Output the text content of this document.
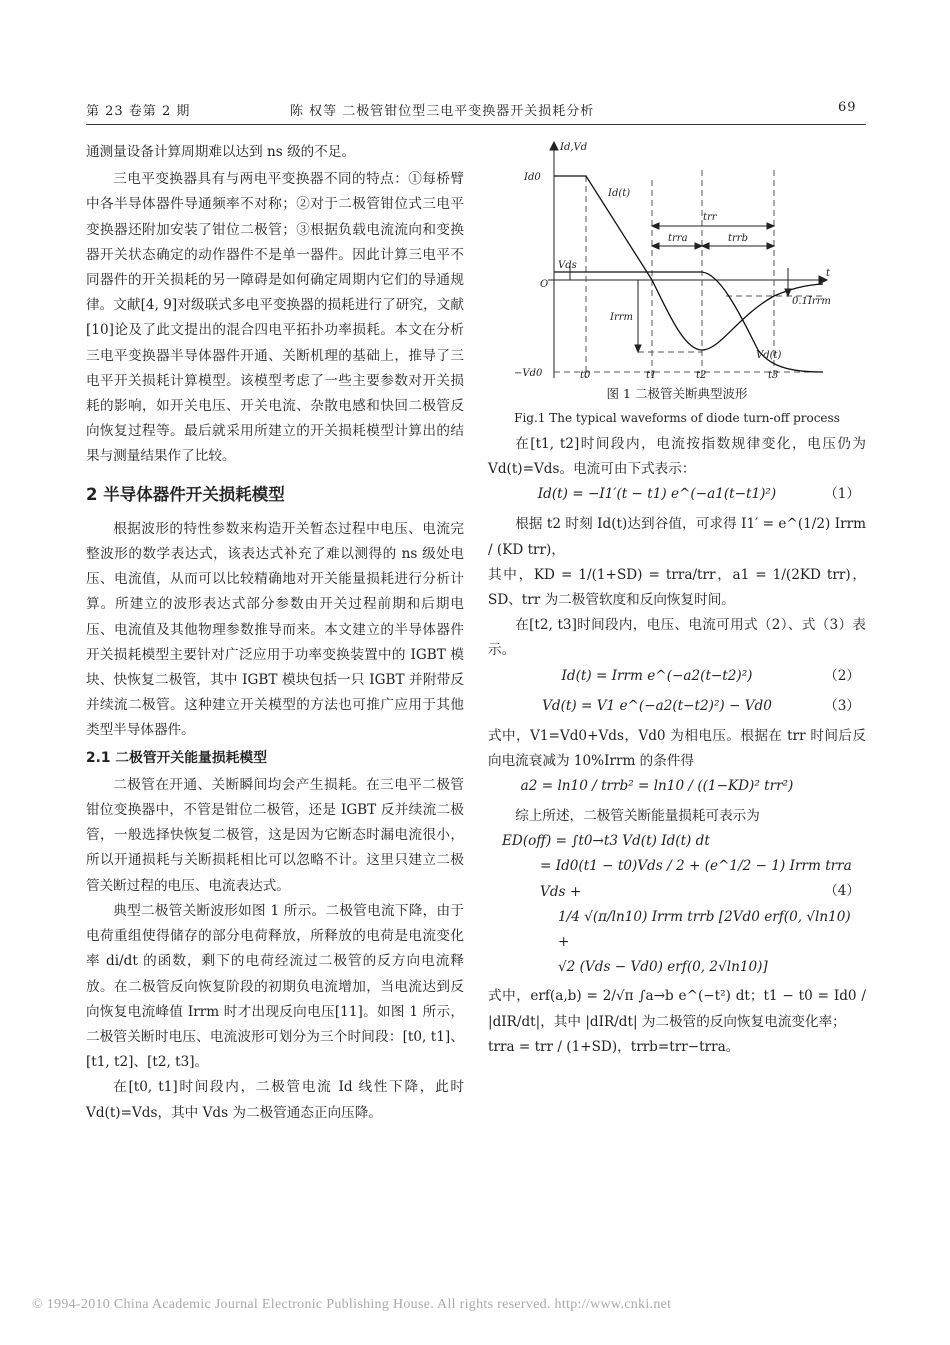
第 23 卷第 2 期	陈 权等 二极管钳位型三电平变换器开关损耗分析	69

通测量设备计算周期难以达到 ns 级的不足。

三电平变换器具有与两电平变换器不同的特点：①每桥臂中各半导体器件导通频率不对称；②对于二极管钳位式三电平变换器还附加安装了钳位二极管；③根据负载电流流向和变换器开关状态确定的动作器件不是单一器件。因此计算三电平不同器件的开关损耗的另一障碍是如何确定周期内它们的导通规律。文献[4, 9]对级联式多电平变换器的损耗进行了研究，文献[10]论及了此文提出的混合四电平拓扑功率损耗。本文在分析三电平变换器半导体器件开通、关断机理的基础上，推导了三电平开关损耗计算模型。该模型考虑了一些主要参数对开关损耗的影响，如开关电压、开关电流、杂散电感和快回二极管反向恢复过程等。最后就采用所建立的开关损耗模型计算出的结果与测量结果作了比较。

2 半导体器件开关损耗模型

根据波形的特性参数来构造开关暂态过程中电压、电流完整波形的数学表达式，该表达式补充了难以测得的 ns 级处电压、电流值，从而可以比较精确地对开关能量损耗进行分析计算。所建立的波形表达式部分参数由开关过程前期和后期电压、电流值及其他物理参数推导而来。本文建立的半导体器件开关损耗模型主要针对广泛应用于功率变换装置中的 IGBT 模块、快恢复二极管，其中 IGBT 模块包括一只 IGBT 并附带反并续流二极管。这种建立开关模型的方法也可推广应用于其他类型半导体器件。

2.1 二极管开关能量损耗模型

二极管在开通、关断瞬间均会产生损耗。在三电平二极管钳位变换器中，不管是钳位二极管，还是 IGBT 反并续流二极管，一般选择快恢复二极管，这是因为它断态时漏电流很小，所以开通损耗与关断损耗相比可以忽略不计。这里只建立二极管关断过程的电压、电流表达式。

典型二极管关断波形如图 1 所示。二极管电流下降，由于电荷重组使得储存的部分电荷释放，所释放的电荷是电流变化率 di/dt 的函数，剩下的电荷经流过二极管的反方向电流释放。在二极管反向恢复阶段的初期负电流增加，当电流达到反向恢复电流峰值 Irrm 时才出现反向电压[11]。如图 1 所示，二极管关断时电压、电流波形可划分为三个时间段：[t0, t1]、[t1, t2]、[t2, t3]。

在[t0, t1]时间段内，二极管电流 Id 线性下降，此时 Vd(t)=Vds，其中 Vds 为二极管通态正向压降。

Id,Vd
Id0
Id(t)
trr
trra	trrb
Vds
O
t
0.1Irrm
Irrm
Vd(t)
−Vd0	t0	t1	t2	t3
图 1 二极管关断典型波形
Fig.1 The typical waveforms of diode turn-off process

在[t1, t2]时间段内，电流按指数规律变化，电压仍为 Vd(t)=Vds。电流可由下式表示：

Id(t) = −I1′(t − t1) e^(−a1(t−t1)²)	（1）

根据 t2 时刻 Id(t)达到谷值，可求得 I1′ = e^(1/2) Irrm / (KD trr)，

其中，KD = 1/(1+SD) = trra/trr，a1 = 1/(2KD trr)，SD、trr 为二极管软度和反向恢复时间。

在[t2, t3]时间段内，电压、电流可用式（2）、式（3）表示。

Id(t) = Irrm e^(−a2(t−t2)²)	（2）
Vd(t) = V1 e^(−a2(t−t2)²) − Vd0	（3）

式中，V1=Vd0+Vds，Vd0 为相电压。根据在 trr 时间后反向电流衰减为 10%Irrm 的条件得

a2 = ln10 / trrb² = ln10 / ((1−KD)² trr²)

综上所述，二极管关断能量损耗可表示为

ED(off) = ∫t0→t3 Vd(t) Id(t) dt
= Id0(t1 − t0)Vds / 2 + (e^1/2 − 1) Irrm trra Vds +
1/4 √(π/ln10) Irrm trrb [2Vd0 erf(0, √ln10) +
√2 (Vds − Vd0) erf(0, 2√ln10)]
（4）

式中，erf(a,b) = 2/√π ∫a→b e^(−t²) dt；t1 − t0 = Id0 / |dIR/dt|，其中 |dIR/dt| 为二极管的反向恢复电流变化率；

trra = trr / (1+SD)，trrb=trr−trra。

© 1994-2010 China Academic Journal Electronic Publishing House. All rights reserved. http://www.cnki.net
